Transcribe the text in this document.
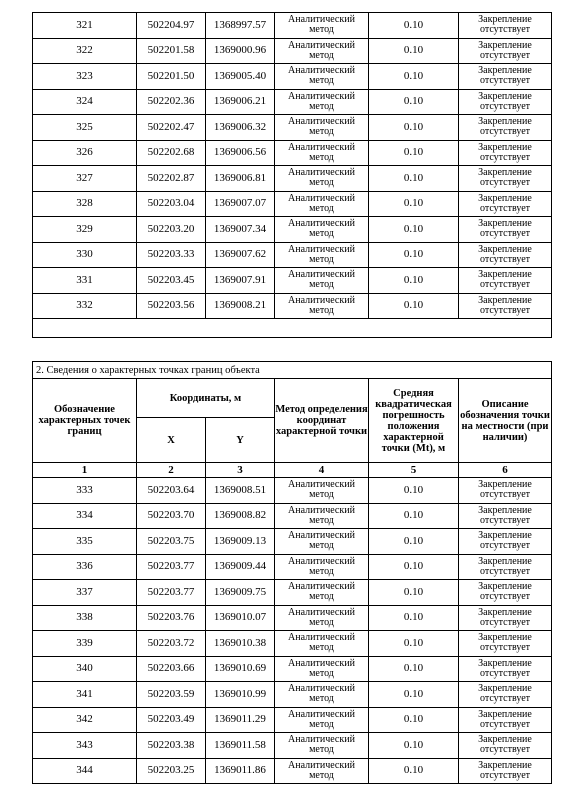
321	502204.97	1368997.57	Аналитический метод	0.10	Закрепление отсутствует
322	502201.58	1369000.96	Аналитический метод	0.10	Закрепление отсутствует
323	502201.50	1369005.40	Аналитический метод	0.10	Закрепление отсутствует
324	502202.36	1369006.21	Аналитический метод	0.10	Закрепление отсутствует
325	502202.47	1369006.32	Аналитический метод	0.10	Закрепление отсутствует
326	502202.68	1369006.56	Аналитический метод	0.10	Закрепление отсутствует
327	502202.87	1369006.81	Аналитический метод	0.10	Закрепление отсутствует
328	502203.04	1369007.07	Аналитический метод	0.10	Закрепление отсутствует
329	502203.20	1369007.34	Аналитический метод	0.10	Закрепление отсутствует
330	502203.33	1369007.62	Аналитический метод	0.10	Закрепление отсутствует
331	502203.45	1369007.91	Аналитический метод	0.10	Закрепление отсутствует
332	502203.56	1369008.21	Аналитический метод	0.10	Закрепление отсутствует

2. Сведения о характерных точках границ объекта					
Обозначение характерных точек границ	Координаты, м		Метод определения координат характерной точки	Средняя квадратическая погрешность положения характерной точки (Mt), м	Описание обозначения точки на местности (при наличии)
	X	Y			
1	2	3	4	5	6
333	502203.64	1369008.51	Аналитический метод	0.10	Закрепление отсутствует
334	502203.70	1369008.82	Аналитический метод	0.10	Закрепление отсутствует
335	502203.75	1369009.13	Аналитический метод	0.10	Закрепление отсутствует
336	502203.77	1369009.44	Аналитический метод	0.10	Закрепление отсутствует
337	502203.77	1369009.75	Аналитический метод	0.10	Закрепление отсутствует
338	502203.76	1369010.07	Аналитический метод	0.10	Закрепление отсутствует
339	502203.72	1369010.38	Аналитический метод	0.10	Закрепление отсутствует
340	502203.66	1369010.69	Аналитический метод	0.10	Закрепление отсутствует
341	502203.59	1369010.99	Аналитический метод	0.10	Закрепление отсутствует
342	502203.49	1369011.29	Аналитический метод	0.10	Закрепление отсутствует
343	502203.38	1369011.58	Аналитический метод	0.10	Закрепление отсутствует
344	502203.25	1369011.86	Аналитический метод	0.10	Закрепление отсутствует
